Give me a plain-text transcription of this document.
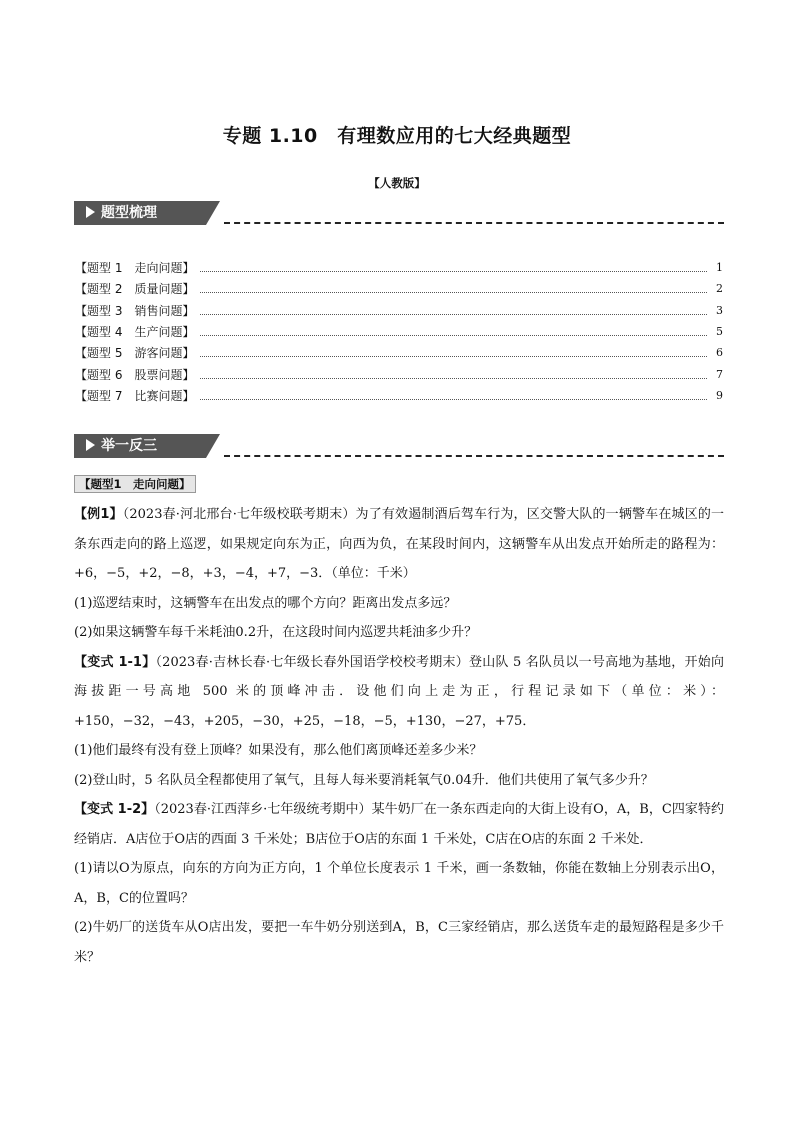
专题 1.10　有理数应用的七大经典题型
【人教版】
题型梳理
【题型 1　走向问题】	1
【题型 2　质量问题】	2
【题型 3　销售问题】	3
【题型 4　生产问题】	5
【题型 5　游客问题】	6
【题型 6　股票问题】	7
【题型 7　比赛问题】	9
举一反三
【题型1　走向问题】

【例1】（2023春·河北邢台·七年级校联考期末）为了有效遏制酒后驾车行为，区交警大队的一辆警车在城区的一条东西走向的路上巡逻，如果规定向东为正，向西为负，在某段时间内，这辆警车从出发点开始所走的路程为：+6，−5，+2，−8，+3，−4，+7，−3．（单位：千米）

(1)巡逻结束时，这辆警车在出发点的哪个方向？距离出发点多远？

(2)如果这辆警车每千米耗油0.2升，在这段时间内巡逻共耗油多少升？

【变式 1-1】（2023春·吉林长春·七年级长春外国语学校校考期末）登山队 5 名队员以一号高地为基地，开始向海拔距一号高地 500 米的顶峰冲击．设他们向上走为正，行程记录如下（单位：米）：+150，−32，−43，+205，−30，+25，−18，−5，+130，−27，+75．

(1)他们最终有没有登上顶峰？如果没有，那么他们离顶峰还差多少米？

(2)登山时，5 名队员全程都使用了氧气，且每人每米要消耗氧气0.04升．他们共使用了氧气多少升？

【变式 1-2】（2023春·江西萍乡·七年级统考期中）某牛奶厂在一条东西走向的大街上设有O，A，B，C四家特约经销店．A店位于O店的西面 3 千米处；B店位于O店的东面 1 千米处，C店在O店的东面 2 千米处．

(1)请以O为原点，向东的方向为正方向，1 个单位长度表示 1 千米，画一条数轴，你能在数轴上分别表示出O，A，B，C的位置吗？

(2)牛奶厂的送货车从O店出发，要把一车牛奶分别送到A，B，C三家经销店，那么送货车走的最短路程是多少千米？
